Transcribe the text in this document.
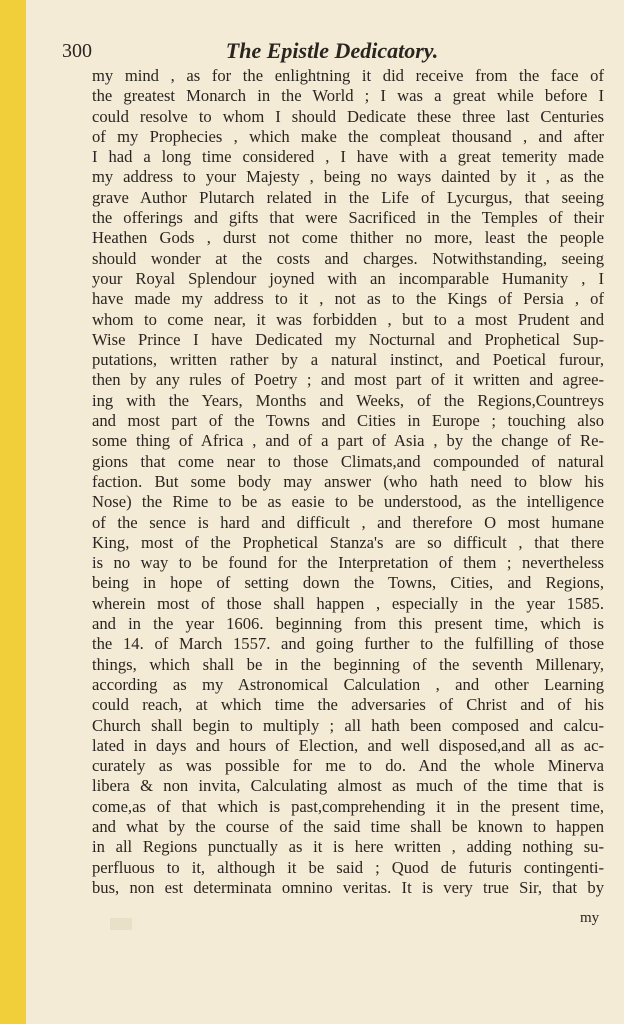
300	The Epistle Dedicatory.
my mind , as for the enlightning it did receive from the face of
the greatest Monarch in the World ; I was a great while before I
could resolve to whom I should Dedicate these three last Centuries
of my Prophecies , which make the compleat thousand , and after
I had a long time considered , I have with a great temerity made
my address to your Majesty , being no ways dainted by it , as the
grave Author Plutarch related in the Life of Lycurgus, that seeing
the offerings and gifts that were Sacrificed in the Temples of their
Heathen Gods , durst not come thither no more, least the people
should wonder at the costs and charges. Notwithstanding, seeing
your Royal Splendour joyned with an incomparable Humanity , I
have made my address to it , not as to the Kings of Persia , of
whom to come near, it was forbidden , but to a most Prudent and
Wise Prince I have Dedicated my Nocturnal and Prophetical Sup-
putations, written rather by a natural instinct, and Poetical furour,
then by any rules of Poetry ; and most part of it written and agree-
ing with the Years, Months and Weeks, of the Regions,Countreys
and most part of the Towns and Cities in Europe ; touching also
some thing of Africa , and of a part of Asia , by the change of Re-
gions that come near to those Climats,and compounded of natural
faction. But some body may answer (who hath need to blow his
Nose) the Rime to be as easie to be understood, as the intelligence
of the sence is hard and difficult , and therefore O most humane
King, most of the Prophetical Stanza's are so difficult , that there
is no way to be found for the Interpretation of them ; nevertheless
being in hope of setting down the Towns, Cities, and Regions,
wherein most of those shall happen , especially in the year 1585.
and in the year 1606. beginning from this present time, which is
the 14. of March 1557. and going further to the fulfilling of those
things, which shall be in the beginning of the seventh Millenary,
according as my Astronomical Calculation , and other Learning
could reach, at which time the adversaries of Christ and of his
Church shall begin to multiply ; all hath been composed and calcu-
lated in days and hours of Election, and well disposed,and all as ac-
curately as was possible for me to do. And the whole Minerva
libera & non invita, Calculating almost as much of the time that is
come,as of that which is past,comprehending it in the present time,
and what by the course of the said time shall be known to happen
in all Regions punctually as it is here written , adding nothing su-
perfluous to it, although it be said ; Quod de futuris contingenti-
bus, non est determinata omnino veritas. It is very true Sir, that by
my
